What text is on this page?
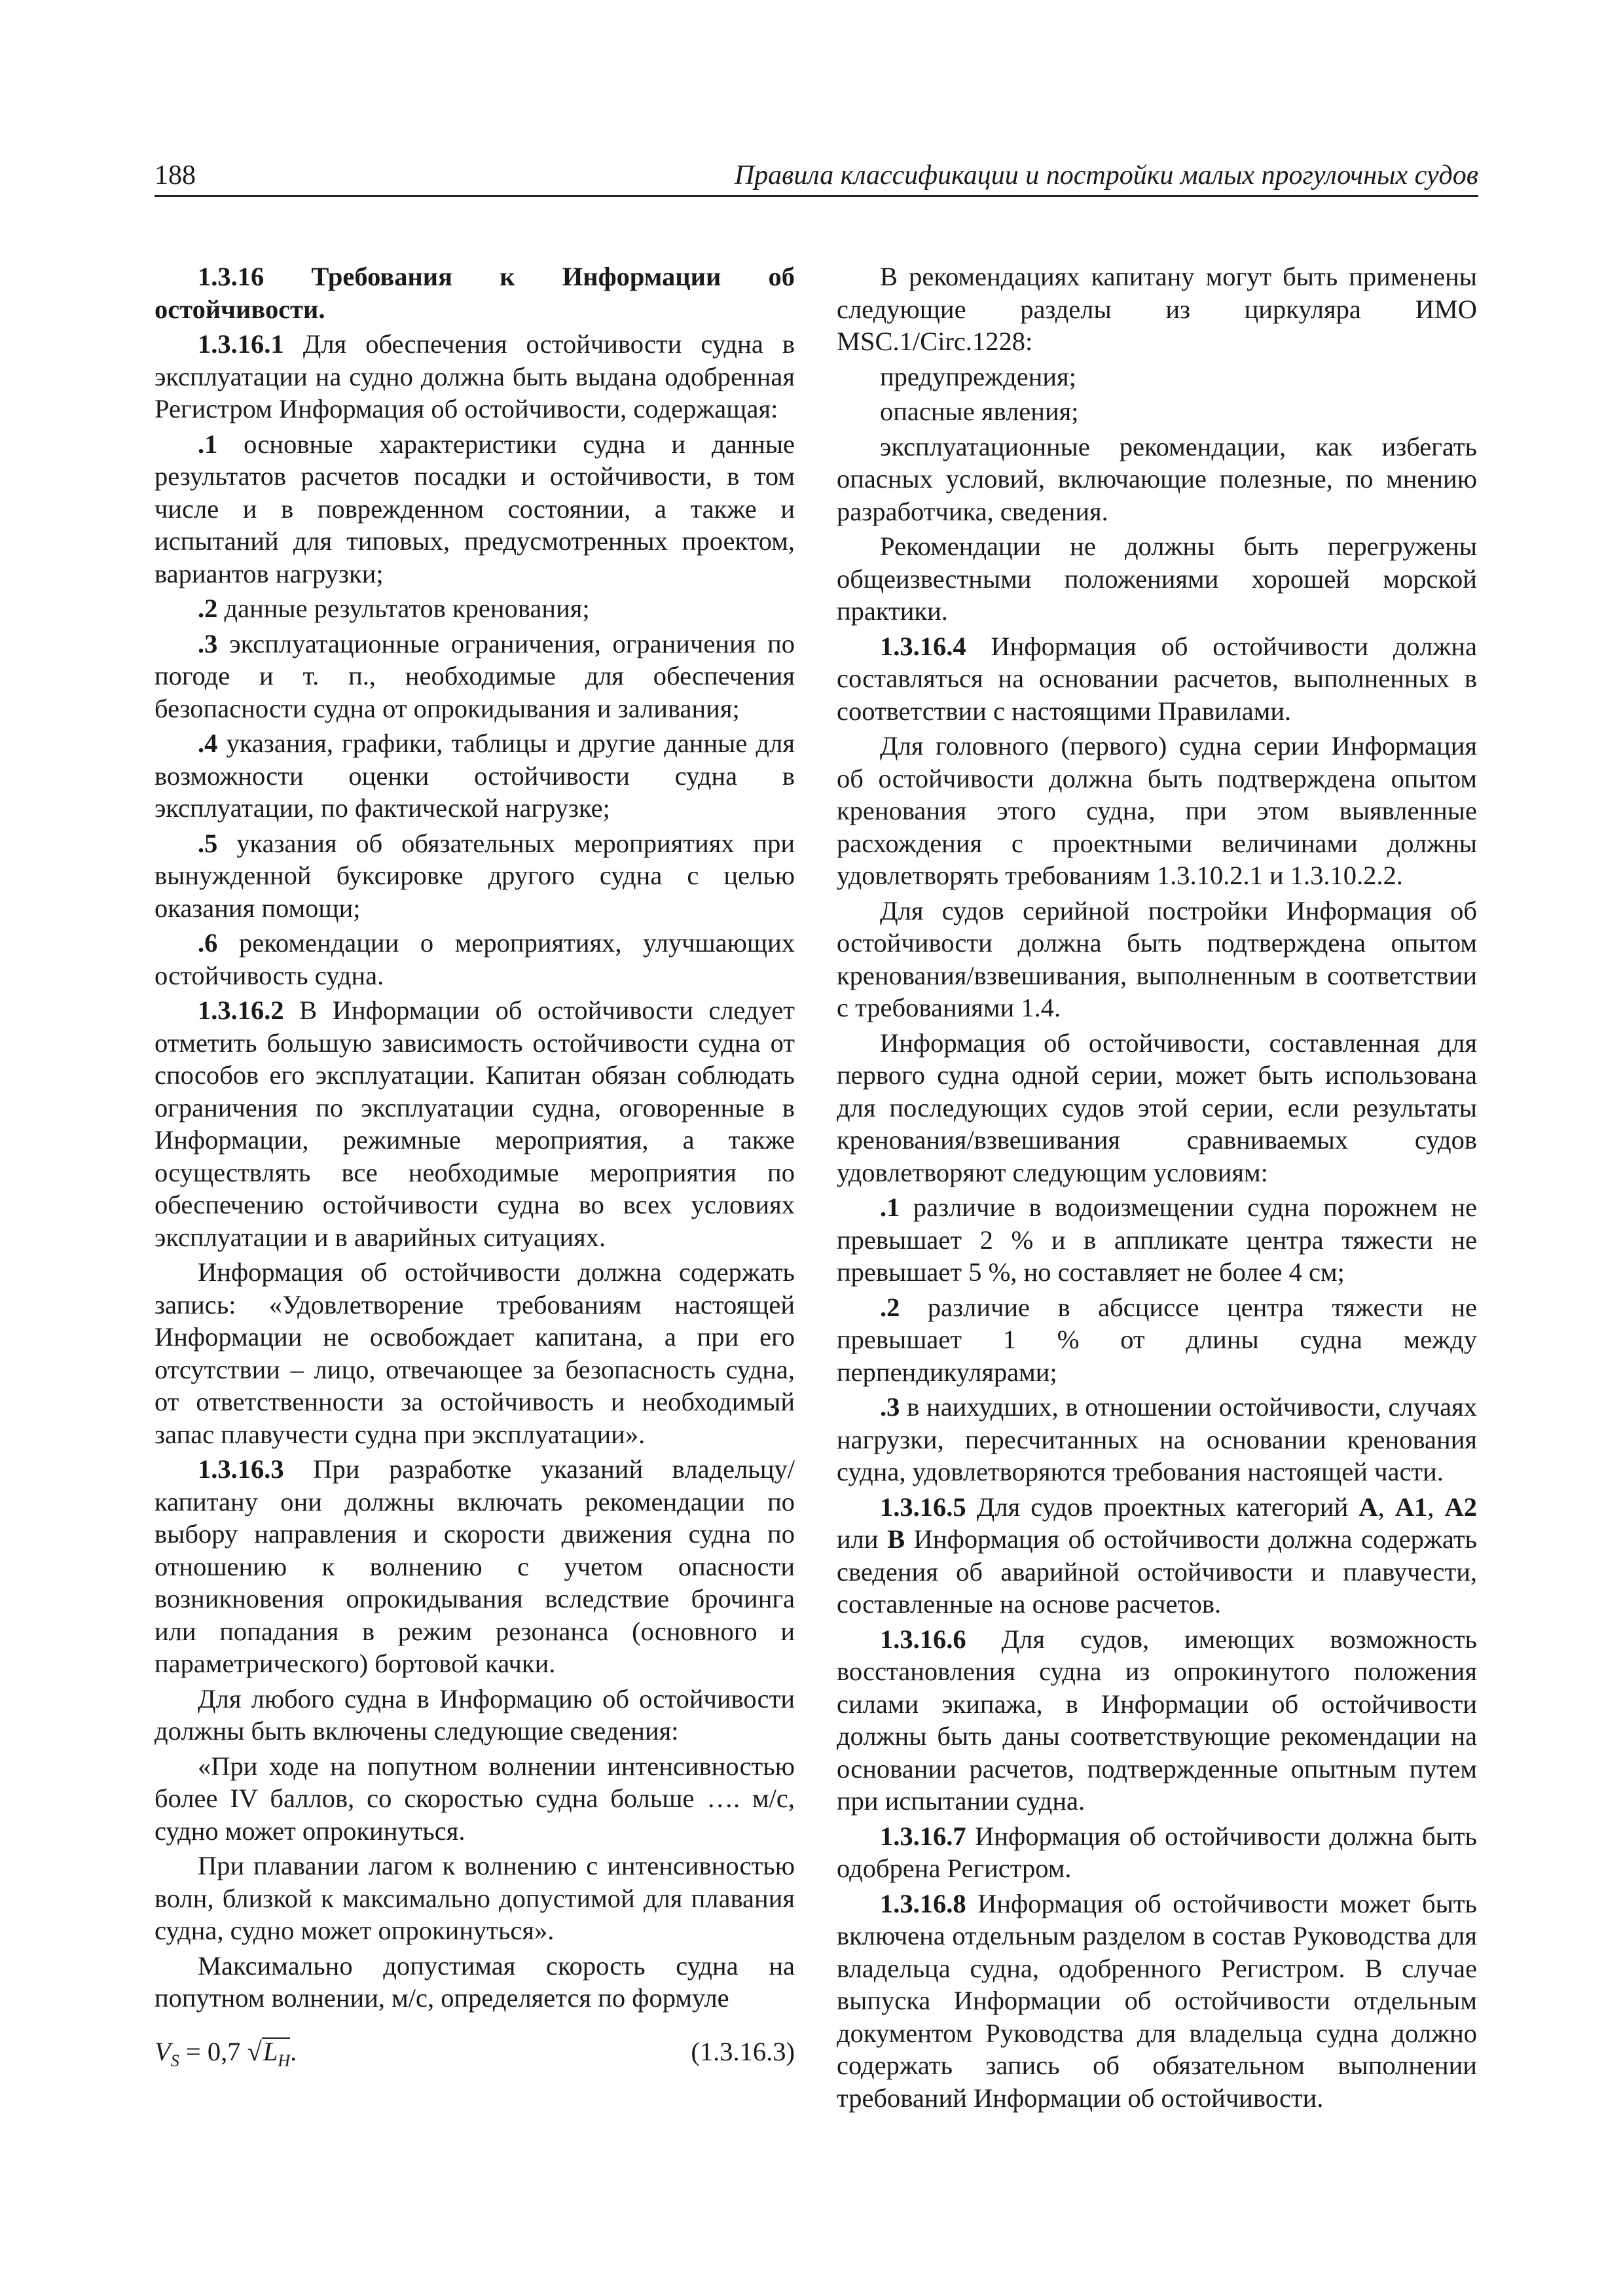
188	Правила классификации и постройки малых прогулочных судов

1.3.16 Требования к Информации об остойчивости.

1.3.16.1 Для обеспечения остойчивости судна в эксплуатации на судно должна быть выдана одобренная Регистром Информация об остойчивости, содержащая:

.1 основные характеристики судна и данные результатов расчетов посадки и остойчивости, в том числе и в поврежденном состоянии, а также и испытаний для типовых, предусмотренных проектом, вариантов нагрузки;

.2 данные результатов кренования;

.3 эксплуатационные ограничения, ограничения по погоде и т. п., необходимые для обеспечения безопасности судна от опрокидывания и заливания;

.4 указания, графики, таблицы и другие данные для возможности оценки остойчивости судна в эксплуатации, по фактической нагрузке;

.5 указания об обязательных мероприятиях при вынужденной буксировке другого судна с целью оказания помощи;

.6 рекомендации о мероприятиях, улучшающих остойчивость судна.

1.3.16.2 В Информации об остойчивости следует отметить большую зависимость остойчивости судна от способов его эксплуатации. Капитан обязан соблюдать ограничения по эксплуатации судна, оговоренные в Информации, режимные мероприятия, а также осуществлять все необходимые мероприятия по обеспечению остойчивости судна во всех условиях эксплуатации и в аварийных ситуациях.

Информация об остойчивости должна содержать запись: «Удовлетворение требованиям настоящей Информации не освобождает капитана, а при его отсутствии – лицо, отвечающее за безопасность судна, от ответственности за остойчивость и необходимый запас плавучести судна при эксплуатации».

1.3.16.3 При разработке указаний владельцу/капитану они должны включать рекомендации по выбору направления и скорости движения судна по отношению к волнению с учетом опасности возникновения опрокидывания вследствие брочинга или попадания в режим резонанса (основного и параметрического) бортовой качки.

Для любого судна в Информацию об остойчивости должны быть включены следующие сведения:

«При ходе на попутном волнении интенсивностью более IV баллов, со скоростью судна больше …. м/с, судно может опрокинуться.

При плавании лагом к волнению с интенсивностью волн, близкой к максимально допустимой для плавания судна, судно может опрокинуться».

Максимально допустимая скорость судна на попутном волнении, м/с, определяется по формуле

$V_S = 0,7$ $√L_H$.	(1.3.16.3)

В рекомендациях капитану могут быть применены следующие разделы из циркуляра ИМО MSC.1/Circ.1228:

предупреждения;

опасные явления;

эксплуатационные рекомендации, как избегать опасных условий, включающие полезные, по мнению разработчика, сведения.

Рекомендации не должны быть перегружены общеизвестными положениями хорошей морской практики.

1.3.16.4 Информация об остойчивости должна составляться на основании расчетов, выполненных в соответствии с настоящими Правилами.

Для головного (первого) судна серии Информация об остойчивости должна быть подтверждена опытом кренования этого судна, при этом выявленные расхождения с проектными величинами должны удовлетворять требованиям 1.3.10.2.1 и 1.3.10.2.2.

Для судов серийной постройки Информация об остойчивости должна быть подтверждена опытом кренования/взвешивания, выполненным в соответствии с требованиями 1.4.

Информация об остойчивости, составленная для первого судна одной серии, может быть использована для последующих судов этой серии, если результаты кренования/взвешивания сравниваемых судов удовлетворяют следующим условиям:

.1 различие в водоизмещении судна порожнем не превышает 2 % и в аппликате центра тяжести не превышает 5 %, но составляет не более 4 см;

.2 различие в абсциссе центра тяжести не превышает 1 % от длины судна между перпендикулярами;

.3 в наихудших, в отношении остойчивости, случаях нагрузки, пересчитанных на основании кренования судна, удовлетворяются требования настоящей части.

1.3.16.5 Для судов проектных категорий A, A1, A2 или B Информация об остойчивости должна содержать сведения об аварийной остойчивости и плавучести, составленные на основе расчетов.

1.3.16.6 Для судов, имеющих возможность восстановления судна из опрокинутого положения силами экипажа, в Информации об остойчивости должны быть даны соответствующие рекомендации на основании расчетов, подтвержденные опытным путем при испытании судна.

1.3.16.7 Информация об остойчивости должна быть одобрена Регистром.

1.3.16.8 Информация об остойчивости может быть включена отдельным разделом в состав Руководства для владельца судна, одобренного Регистром. В случае выпуска Информации об остойчивости отдельным документом Руководства для владельца судна должно содержать запись об обязательном выполнении требований Информации об остойчивости.
